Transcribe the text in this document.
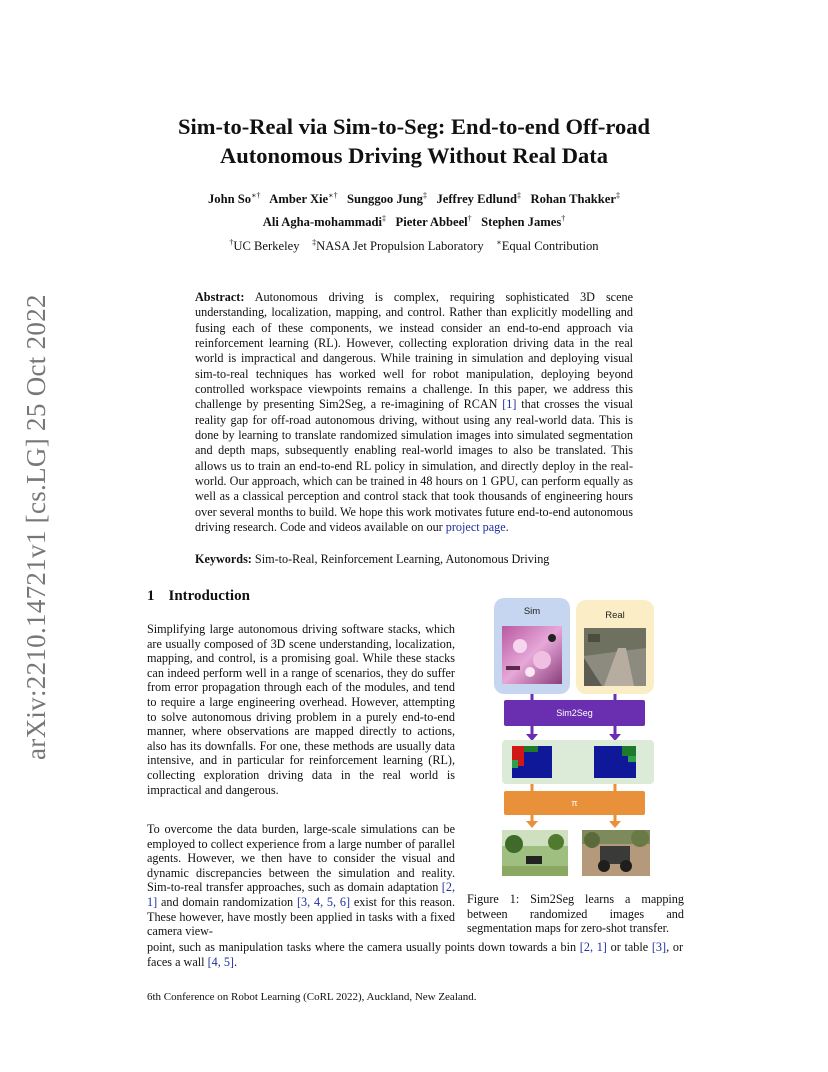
arXiv:2210.14721v1 [cs.LG] 25 Oct 2022
Sim-to-Real via Sim-to-Seg: End-to-end Off-road
Autonomous Driving Without Real Data
John So∗† Amber Xie∗† Sunggoo Jung‡ Jeffrey Edlund‡ Rohan Thakker‡
Ali Agha-mohammadi‡ Pieter Abbeel† Stephen James†
†UC Berkeley ‡NASA Jet Propulsion Laboratory ∗Equal Contribution
Abstract: Autonomous driving is complex, requiring sophisticated 3D scene understanding, localization, mapping, and control. Rather than explicitly modelling and fusing each of these components, we instead consider an end-to-end approach via reinforcement learning (RL). However, collecting exploration driving data in the real world is impractical and dangerous. While training in simulation and deploying visual sim-to-real techniques has worked well for robot manipulation, deploying beyond controlled workspace viewpoints remains a challenge. In this paper, we address this challenge by presenting Sim2Seg, a re-imagining of RCAN [1] that crosses the visual reality gap for off-road autonomous driving, without using any real-world data. This is done by learning to translate randomized simulation images into simulated segmentation and depth maps, subsequently enabling real-world images to also be translated. This allows us to train an end-to-end RL policy in simulation, and directly deploy in the real-world. Our approach, which can be trained in 48 hours on 1 GPU, can perform equally as well as a classical perception and control stack that took thousands of engineering hours over several months to build. We hope this work motivates future end-to-end autonomous driving research. Code and videos available on our project page.
Keywords: Sim-to-Real, Reinforcement Learning, Autonomous Driving
1 Introduction
Simplifying large autonomous driving software stacks, which are usually composed of 3D scene understanding, localization, mapping, and control, is a promising goal. While these stacks can indeed perform well in a range of scenarios, they do suffer from error propagation through each of the modules, and tend to require a large engineering overhead. However, attempting to solve autonomous driving problem in a purely end-to-end manner, where observations are mapped directly to actions, also has its downfalls. For one, these methods are usually data intensive, and in particular for reinforcement learning (RL), collecting exploration driving data in the real world is impractical and dangerous.
To overcome the data burden, large-scale simulations can be employed to collect experience from a large number of parallel agents. However, we then have to consider the visual and dynamic discrepancies between the simulation and reality. Sim-to-real transfer approaches, such as domain adaptation [2, 1] and domain randomization [3, 4, 5, 6] exist for this reason. These however, have mostly been applied in tasks with a fixed camera view-
point, such as manipulation tasks where the camera usually points down towards a bin [2, 1] or table [3], or faces a wall [4, 5].
Sim	Real
Sim2Seg
π
Figure 1: Sim2Seg learns a mapping between randomized images and segmentation maps for zero-shot transfer.
6th Conference on Robot Learning (CoRL 2022), Auckland, New Zealand.
